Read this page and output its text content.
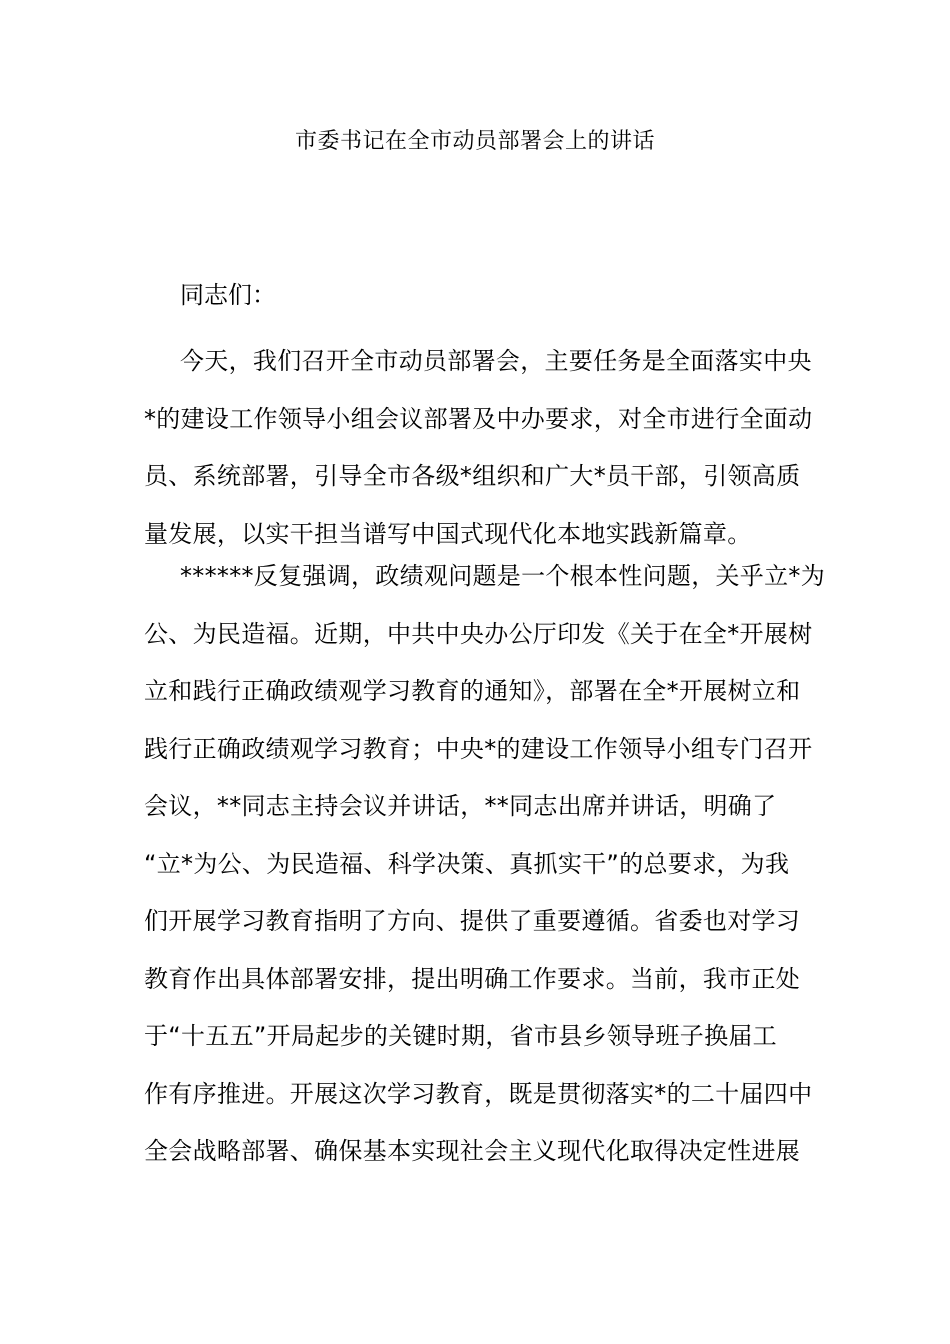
市委书记在全市动员部署会上的讲话
同志们：
今天，我们召开全市动员部署会，主要任务是全面落实中央
*的建设工作领导小组会议部署及中办要求，对全市进行全面动
员、系统部署，引导全市各级*组织和广大*员干部，引领高质
量发展，以实干担当谱写中国式现代化本地实践新篇章。
******反复强调，政绩观问题是一个根本性问题，关乎立*为
公、为民造福。近期，中共中央办公厅印发《关于在全*开展树
立和践行正确政绩观学习教育的通知》，部署在全*开展树立和
践行正确政绩观学习教育；中央*的建设工作领导小组专门召开
会议，**同志主持会议并讲话，**同志出席并讲话，明确了
“立*为公、为民造福、科学决策、真抓实干”的总要求，为我
们开展学习教育指明了方向、提供了重要遵循。省委也对学习
教育作出具体部署安排，提出明确工作要求。当前，我市正处
于“十五五”开局起步的关键时期，省市县乡领导班子换届工
作有序推进。开展这次学习教育，既是贯彻落实*的二十届四中
全会战略部署、确保基本实现社会主义现代化取得决定性进展
